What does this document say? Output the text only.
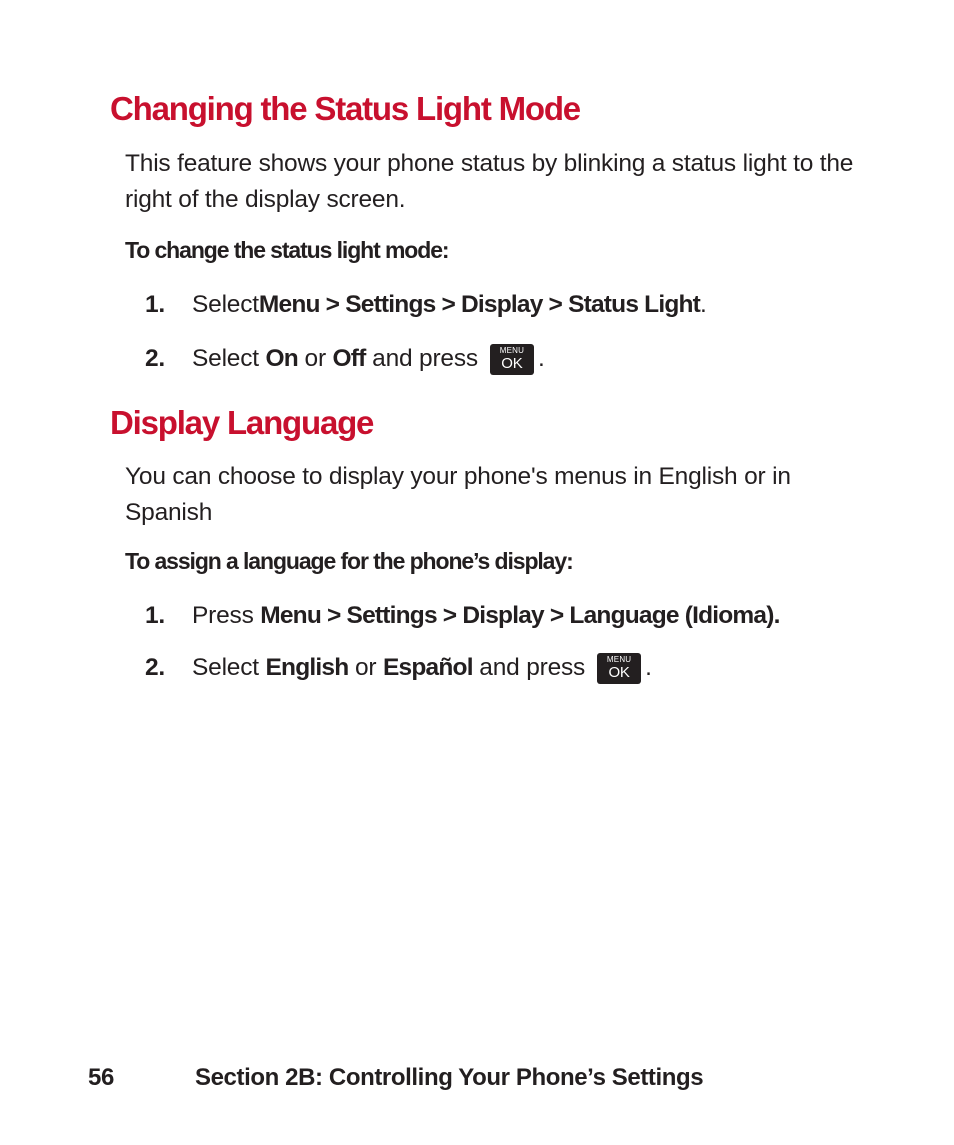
Changing the Status Light Mode

This feature shows your phone status by blinking a status light to the right of the display screen.

To change the status light mode:

1.	Select Menu > Settings > Display > Status Light .
2.	Select On or Off and press	MENU
OK .
Display Language

You can choose to display your phone's menus in English or in Spanish

To assign a language for the phone’s display:

1.	Press Menu > Settings > Display > Language (Idioma).
2.	Select English or Español and press	MENU
OK .
56	Section 2B: Controlling Your Phone’s Settings
